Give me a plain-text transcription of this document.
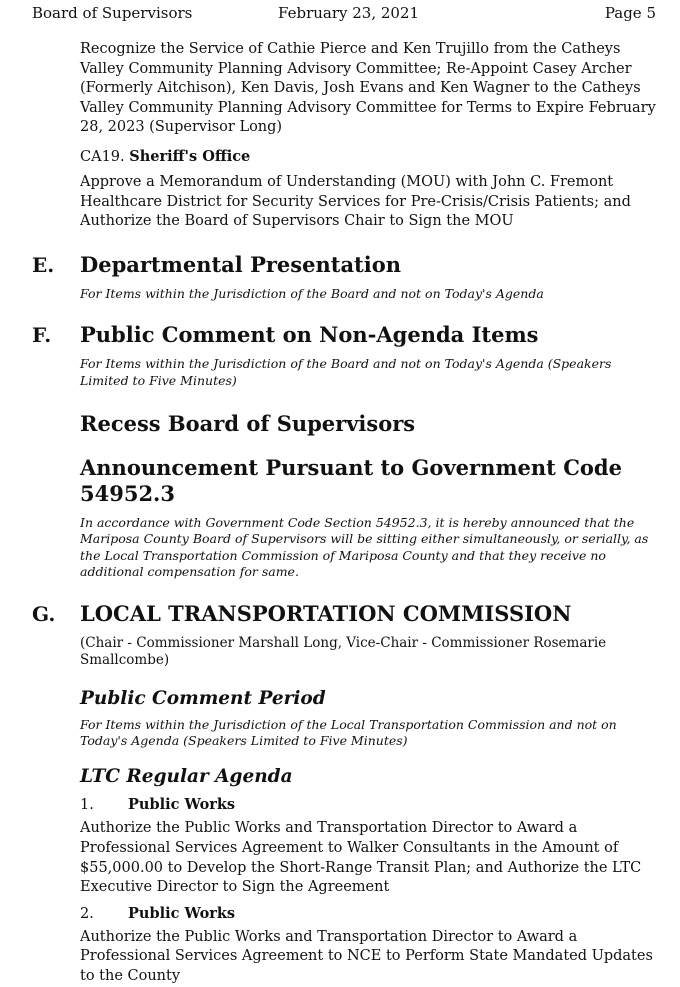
Board of Supervisors	February 23, 2021	Page 5

Recognize the Service of Cathie Pierce and Ken Trujillo from the Catheys Valley Community Planning Advisory Committee; Re-Appoint Casey Archer (Formerly Aitchison), Ken Davis, Josh Evans and Ken Wagner to the Catheys Valley Community Planning Advisory Committee for Terms to Expire February 28, 2023 (Supervisor Long)

CA19. Sheriff's Office

Approve a Memorandum of Understanding (MOU) with John C. Fremont Healthcare District for Security Services for Pre-Crisis/Crisis Patients; and Authorize the Board of Supervisors Chair to Sign the MOU

E. Departmental Presentation

For Items within the Jurisdiction of the Board and not on Today's Agenda

F. Public Comment on Non-Agenda Items

For Items within the Jurisdiction of the Board and not on Today's Agenda (Speakers Limited to Five Minutes)

Recess Board of Supervisors
Announcement Pursuant to Government Code 54952.3

In accordance with Government Code Section 54952.3, it is hereby announced that the Mariposa County Board of Supervisors will be sitting either simultaneously, or serially, as the Local Transportation Commission of Mariposa County and that they receive no additional compensation for same.

G. LOCAL TRANSPORTATION COMMISSION

(Chair - Commissioner Marshall Long, Vice-Chair - Commissioner Rosemarie Smallcombe)

Public Comment Period

For Items within the Jurisdiction of the Local Transportation Commission and not on Today's Agenda (Speakers Limited to Five Minutes)

LTC Regular Agenda

1. Public Works

Authorize the Public Works and Transportation Director to Award a Professional Services Agreement to Walker Consultants in the Amount of $55,000.00 to Develop the Short-Range Transit Plan; and Authorize the LTC Executive Director to Sign the Agreement

2. Public Works

Authorize the Public Works and Transportation Director to Award a Professional Services Agreement to NCE to Perform State Mandated Updates to the County
